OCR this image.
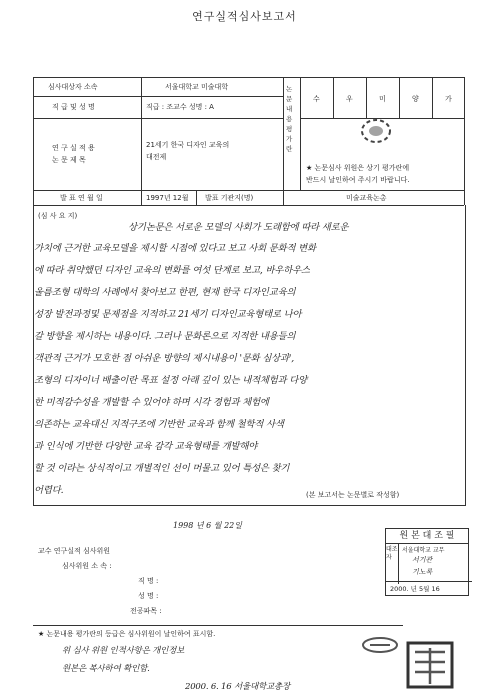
연구실적심사보고서
심사대상자 소속	서울대학교 미술대학
직 급 및 성 명	직급 : 조교수 성명 : A
연 구 실 적 용
논 문 제 목
21세기 한국 디자인 교육의
대전제
발 표 연 월 일	1997년 12월 발표 기관지(명)	미술교육논총
논문내용평가란
수	우	미	양	가
★ 논문심사 위원은 상기 평가란에
반드시 날인하여 주시기 바랍니다.
(심 사 요 지)
상기논문은 서로운 모델의 사회가 도래함에 따라 새로운
가치에 근거한 교육모델을 제시할 시점에 있다고 보고 사회 문화적 변화
에 따라 취약했던 디자인 교육의 변화를 여섯 단계로 보고, 바우하우스
울름조형 대학의 사례에서 찾아보고 한편, 현재 한국 디자인교육의
성장 발전과정및 문제점을 지적하고 21세기 디자인교육형태로 나아
갈 방향을 제시하는 내용이다. 그러나 문화론으로 지적한 내용들의
객관적 근거가 모호한 점 아쉬운 방향의 제시내용이 '문화 심상과',
조형의 디자이너 배출이란 목표 설정 아래 깊이 있는 내적체험과 다양
한 미적감수성을 개발할 수 있어야 하며 시각 경험과 체험에
의존하는 교육대신 지적구조에 기반한 교육과 함께 철학적 사색
과 인식에 기반한 다양한 교육 감각 교육형태를 개발해야
할 것 이라는 상식적이고 개별적인 선이 머물고 있어 특성은 찾기
어렵다.	(본 보고서는 논문별로 작성함)
1998 년 6 월 22일
교수 연구실적 심사위원
심사위원 소 속 :
직 명 :
성 명 :
전공파목 :
★ 논문내용 평가란의 등급은 심사위원이 날인하여 표시함.
원 본 대 조 필
대조자
서울대학교 교무
서기관
기노록
2000. 년 5월 16
위 심사 위원 인적사항은 개인정보
원본은 복사하여 확인함.
2000. 6. 16 서울대학교총장
